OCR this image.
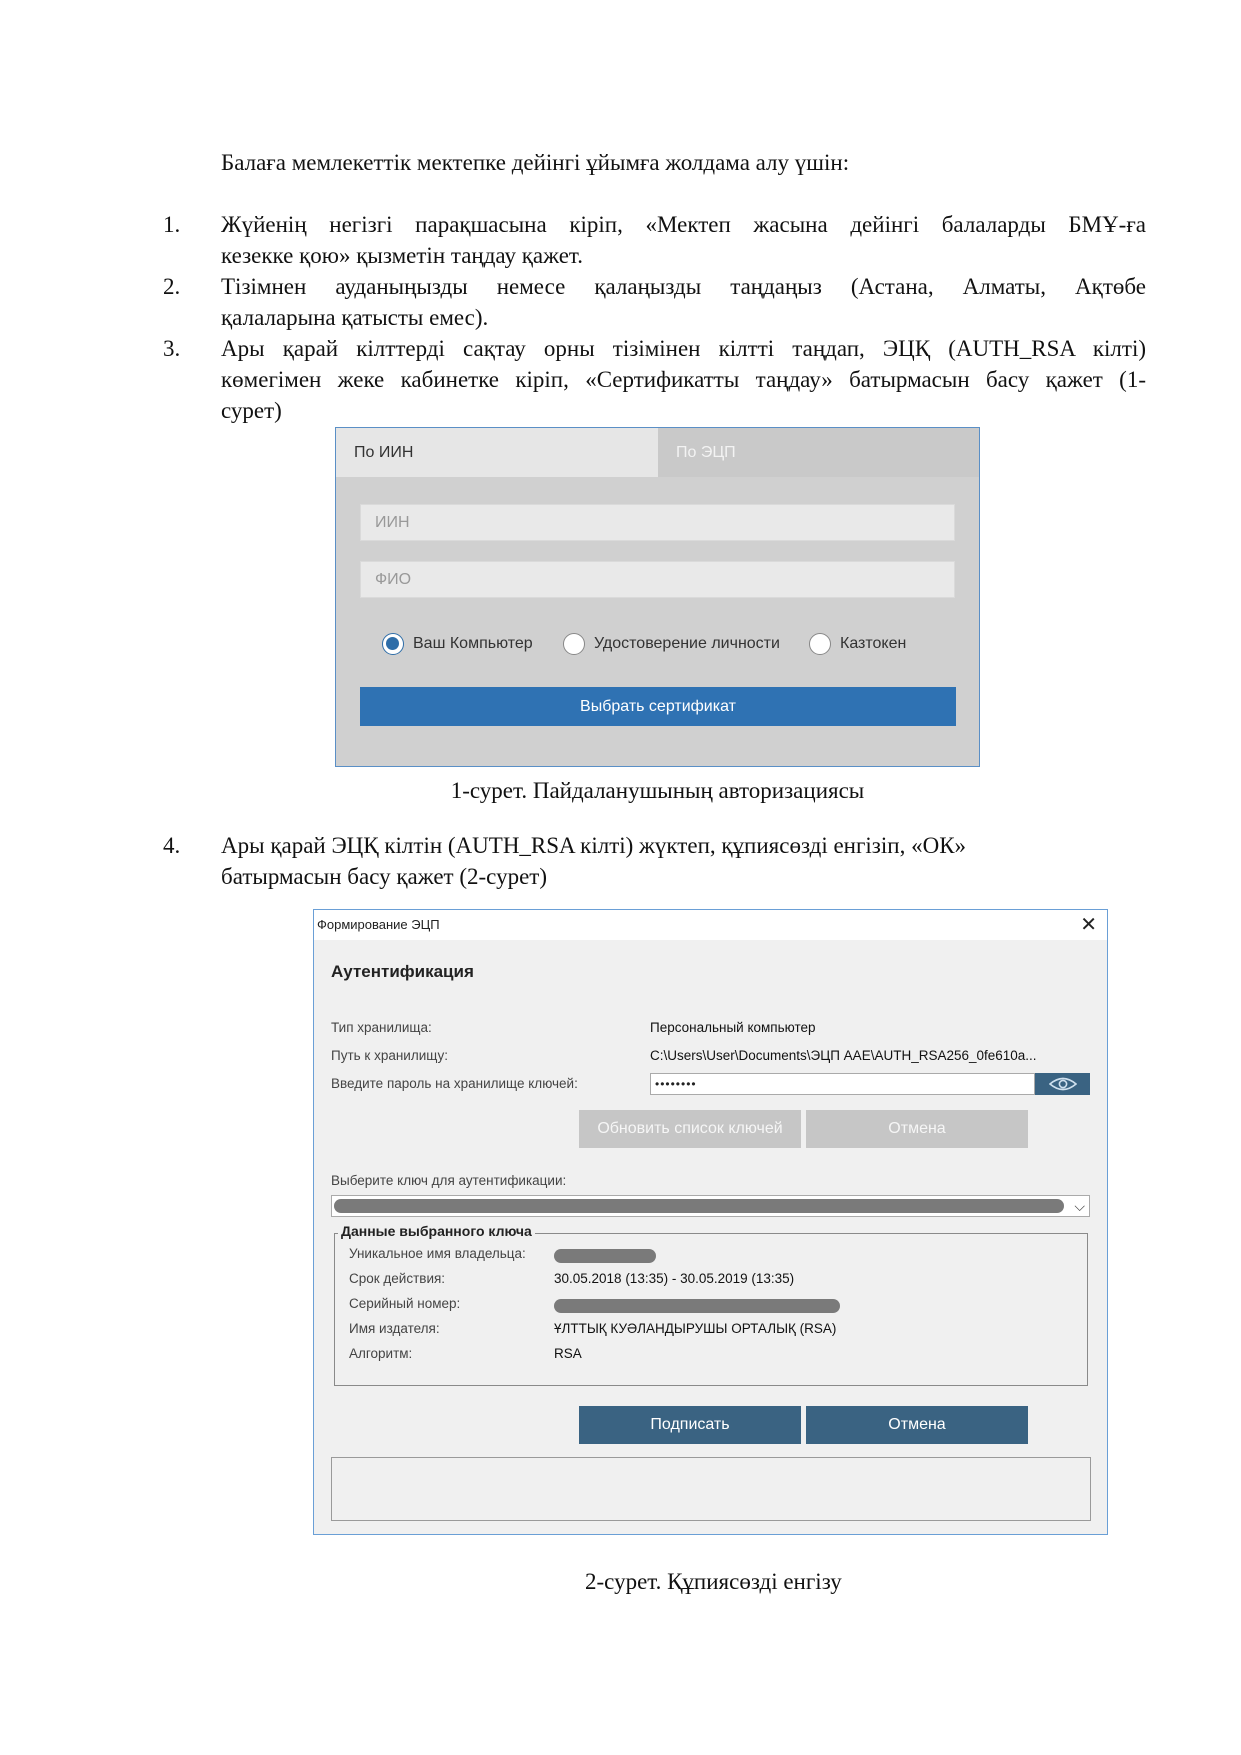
Балаға мемлекеттік мектепке дейінгі ұйымға жолдама алу үшін:
1. Жүйенің негізгі парақшасына кіріп, «Мектеп жасына дейінгі балаларды БМҰ-ға
кезекке қою» қызметін таңдау қажет.
2. Тізімнен ауданыңызды немесе қалаңызды таңдаңыз (Астана, Алматы, Ақтөбе
қалаларына қатысты емес).
3. Ары қарай кілттерді сақтау орны тізімінен кілтті таңдап, ЭЦҚ (AUTH_RSA кілті)
көмегімен жеке кабинетке кіріп, «Сертификатты таңдау» батырмасын басу қажет (1-
сурет)
По ИИН	По ЭЦП
ИИН
ФИО
Ваш Компьютер	Удостоверение личности	Казтокен
Выбрать сертификат
1-сурет. Пайдаланушының авторизациясы
4. Ары қарай ЭЦҚ кілтін (AUTH_RSA кілті) жүктеп, құпиясөзді енгізіп, «ОК»
батырмасын басу қажет (2-сурет)
Формирование ЭЦП	✕
Аутентификация
Тип хранилища:	Персональный компьютер
Путь к хранилищу:	C:\Users\User\Documents\ЭЦП ААЕ\AUTH_RSA256_0fe610a...
Введите пароль на хранилище ключей:	••••••••
Обновить список ключей	Отмена
Выберите ключ для аутентификации:
⌵
Данные выбранного ключа
Уникальное имя владельца:
Срок действия:	30.05.2018 (13:35) - 30.05.2019 (13:35)
Серийный номер:
Имя издателя:	ҰЛТТЫҚ КУӘЛАНДЫРУШЫ ОРТАЛЫҚ (RSA)
Алгоритм:	RSA
Подписать	Отмена
2-сурет. Құпиясөзді енгізу
